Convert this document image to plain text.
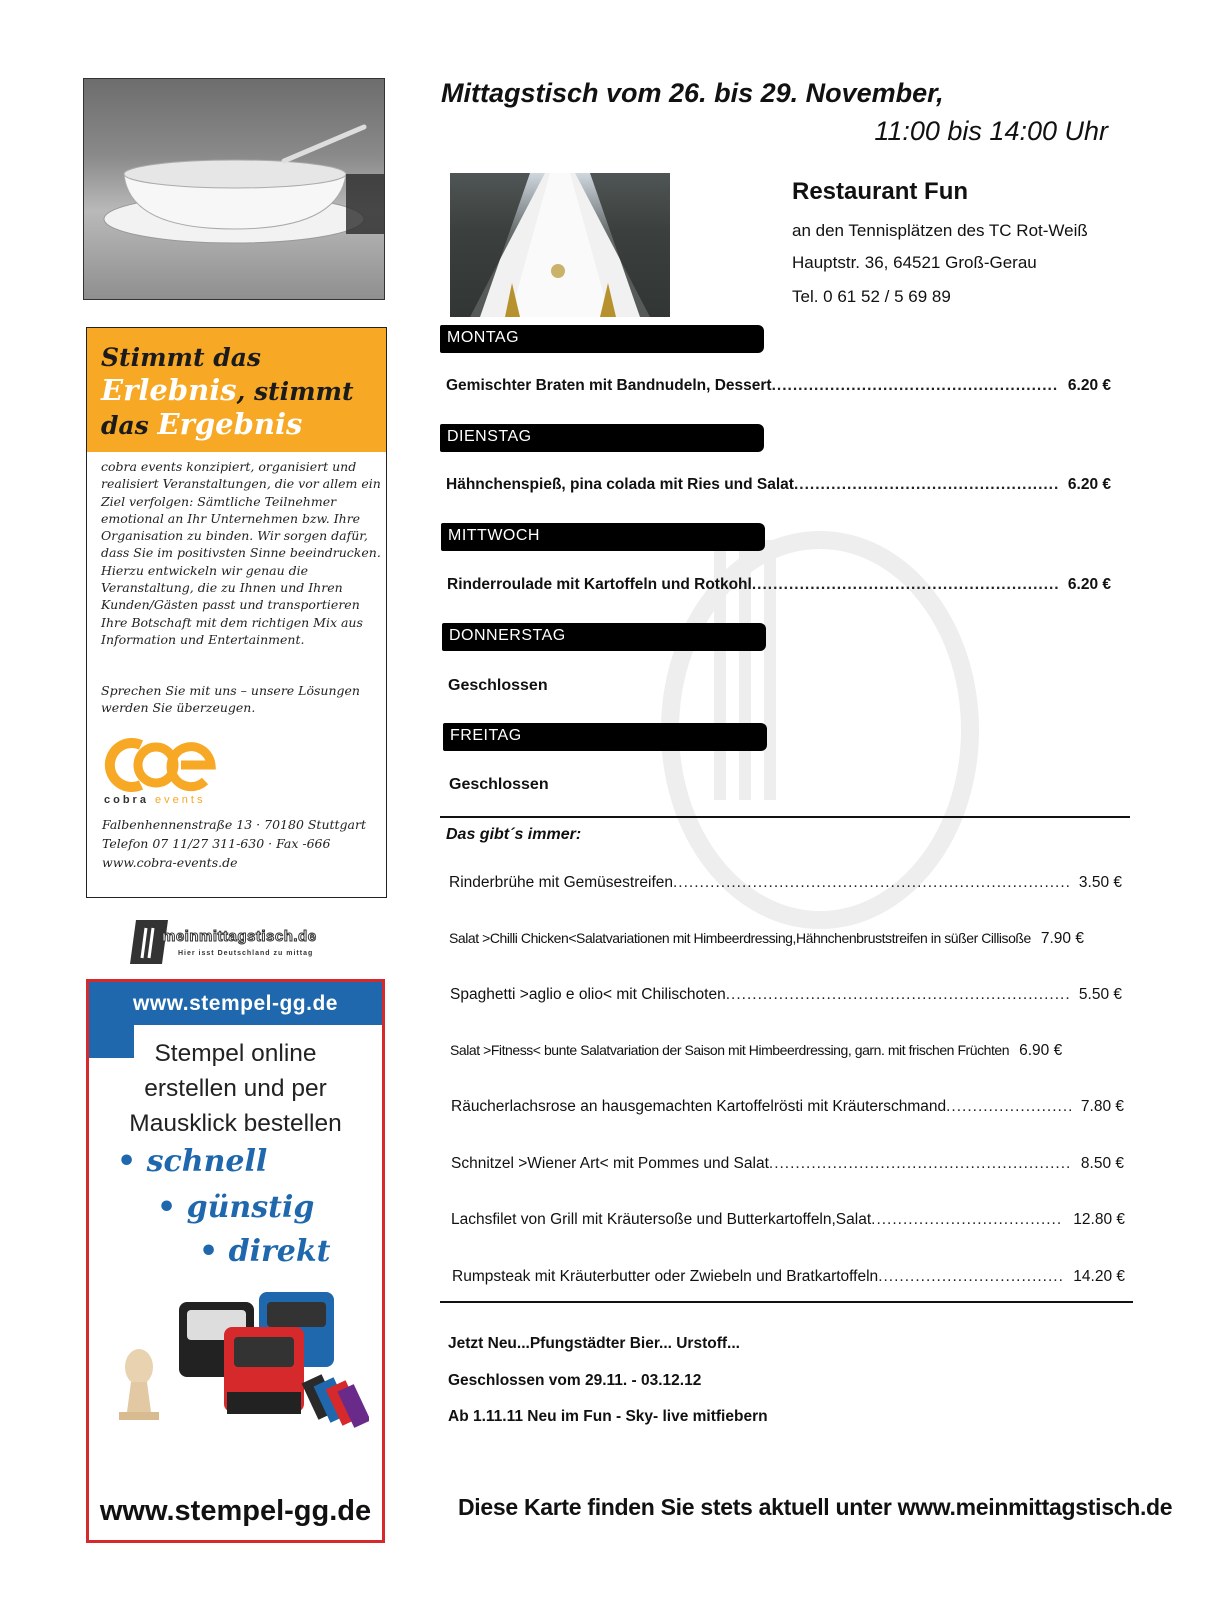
Stimmt das
Erlebnis, stimmt
das Ergebnis
cobra events konzipiert, organisiert und realisiert Veranstaltungen, die vor allem ein Ziel verfolgen: Sämtliche Teilnehmer emotional an Ihr Unternehmen bzw. Ihre Organisation zu binden. Wir sorgen dafür, dass Sie im positivsten Sinne beeindrucken. Hierzu entwickeln wir genau die Veranstaltung, die zu Ihnen und Ihren Kunden/Gästen passt und transportieren Ihre Botschaft mit dem richtigen Mix aus Information und Entertainment.
Sprechen Sie mit uns – unsere Lösungen werden Sie überzeugen.
cobra events
Falbenhennenstraße 13 · 70180 Stuttgart
Telefon 07 11/27 311-630 · Fax -666
www.cobra-events.de
meinmittagstisch.de
Hier isst Deutschland zu mittag
www.stempel-gg.de
Stempel online
erstellen und per
Mausklick bestellen
• schnell
• günstig
• direkt
www.stempel-gg.de
Mittagstisch vom 26. bis 29. November,
11:00 bis 14:00 Uhr
Restaurant Fun
an den Tennisplätzen des TC Rot-Weiß
Hauptstr. 36, 64521 Groß-Gerau
Tel. 0 61 52 / 5 69 89
MONTAG
Gemischter Braten mit Bandnudeln, Dessert .....	6.20 €
DIENSTAG
Hähnchenspieß, pina colada mit Ries und Salat .....	6.20 €
MITTWOCH
Rinderroulade mit Kartoffeln und Rotkohl .....	6.20 €
DONNERSTAG
Geschlossen
FREITAG
Geschlossen
Das gibt´s immer:
Rinderbrühe mit Gemüsestreifen .....	3.50 €
Salat >Chilli Chicken<Salatvariationen mit Himbeerdressing,Hähnchenbruststreifen in süßer Cillisoße 7.90 €
Spaghetti >aglio e olio< mit Chilischoten .....	5.50 €
Salat >Fitness< bunte Salatvariation der Saison mit Himbeerdressing, garn. mit frischen Früchten 6.90 €
Räucherlachsrose an hausgemachten Kartoffelrösti mit Kräuterschmand .....	7.80 €
Schnitzel >Wiener Art< mit Pommes und Salat .....	8.50 €
Lachsfilet von Grill mit Kräutersoße und Butterkartoffeln,Salat .....	12.80 €
Rumpsteak mit Kräuterbutter oder Zwiebeln und Bratkartoffeln .....	14.20 €
Jetzt Neu...Pfungstädter Bier... Urstoff...
Geschlossen vom 29.11. - 03.12.12
Ab 1.11.11 Neu im Fun - Sky- live mitfiebern
Diese Karte finden Sie stets aktuell unter www.meinmittagstisch.de
